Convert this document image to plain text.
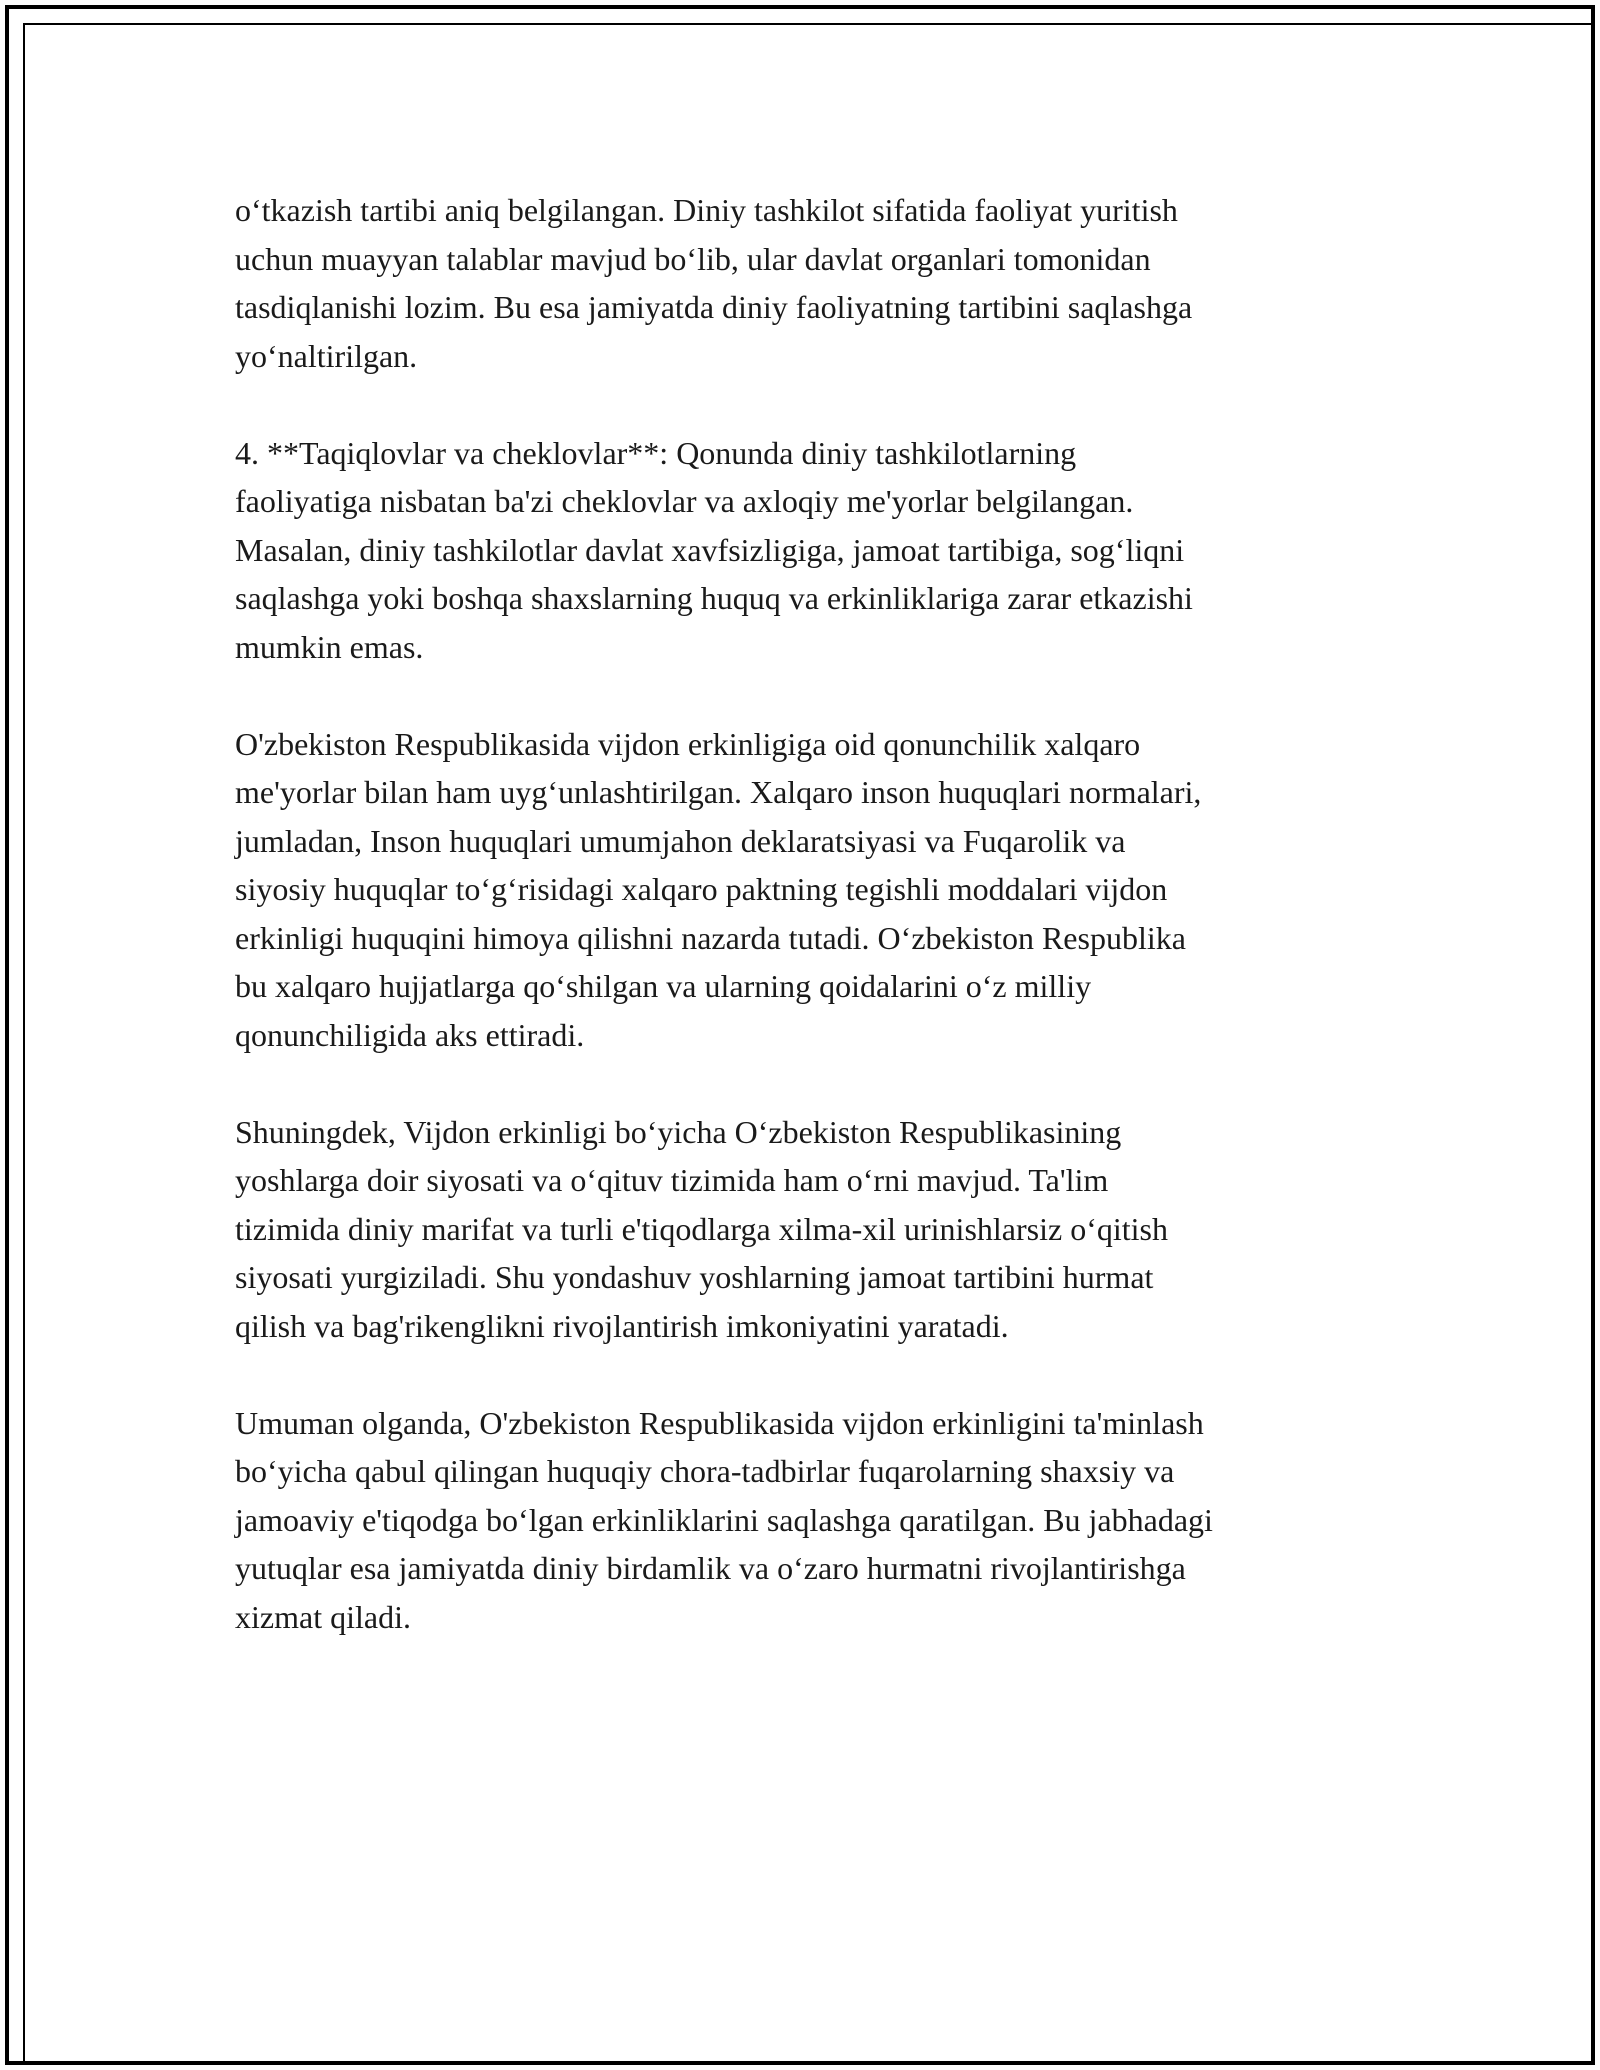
o‘tkazish tartibi aniq belgilangan. Diniy tashkilot sifatida faoliyat yuritish
uchun muayyan talablar mavjud bo‘lib, ular davlat organlari tomonidan
tasdiqlanishi lozim. Bu esa jamiyatda diniy faoliyatning tartibini saqlashga
yo‘naltirilgan.

4. **Taqiqlovlar va cheklovlar**: Qonunda diniy tashkilotlarning
faoliyatiga nisbatan ba'zi cheklovlar va axloqiy me'yorlar belgilangan.
Masalan, diniy tashkilotlar davlat xavfsizligiga, jamoat tartibiga, sog‘liqni
saqlashga yoki boshqa shaxslarning huquq va erkinliklariga zarar etkazishi
mumkin emas.

O'zbekiston Respublikasida vijdon erkinligiga oid qonunchilik xalqaro
me'yorlar bilan ham uyg‘unlashtirilgan. Xalqaro inson huquqlari normalari,
jumladan, Inson huquqlari umumjahon deklaratsiyasi va Fuqarolik va
siyosiy huquqlar to‘g‘risidagi xalqaro paktning tegishli moddalari vijdon
erkinligi huquqini himoya qilishni nazarda tutadi. O‘zbekiston Respublika
bu xalqaro hujjatlarga qo‘shilgan va ularning qoidalarini o‘z milliy
qonunchiligida aks ettiradi.

Shuningdek, Vijdon erkinligi bo‘yicha O‘zbekiston Respublikasining
yoshlarga doir siyosati va o‘qituv tizimida ham o‘rni mavjud. Ta'lim
tizimida diniy marifat va turli e'tiqodlarga xilma-xil urinishlarsiz o‘qitish
siyosati yurgiziladi. Shu yondashuv yoshlarning jamoat tartibini hurmat
qilish va bag'rikenglikni rivojlantirish imkoniyatini yaratadi.

Umuman olganda, O'zbekiston Respublikasida vijdon erkinligini ta'minlash
bo‘yicha qabul qilingan huquqiy chora-tadbirlar fuqarolarning shaxsiy va
jamoaviy e'tiqodga bo‘lgan erkinliklarini saqlashga qaratilgan. Bu jabhadagi
yutuqlar esa jamiyatda diniy birdamlik va o‘zaro hurmatni rivojlantirishga
xizmat qiladi.
